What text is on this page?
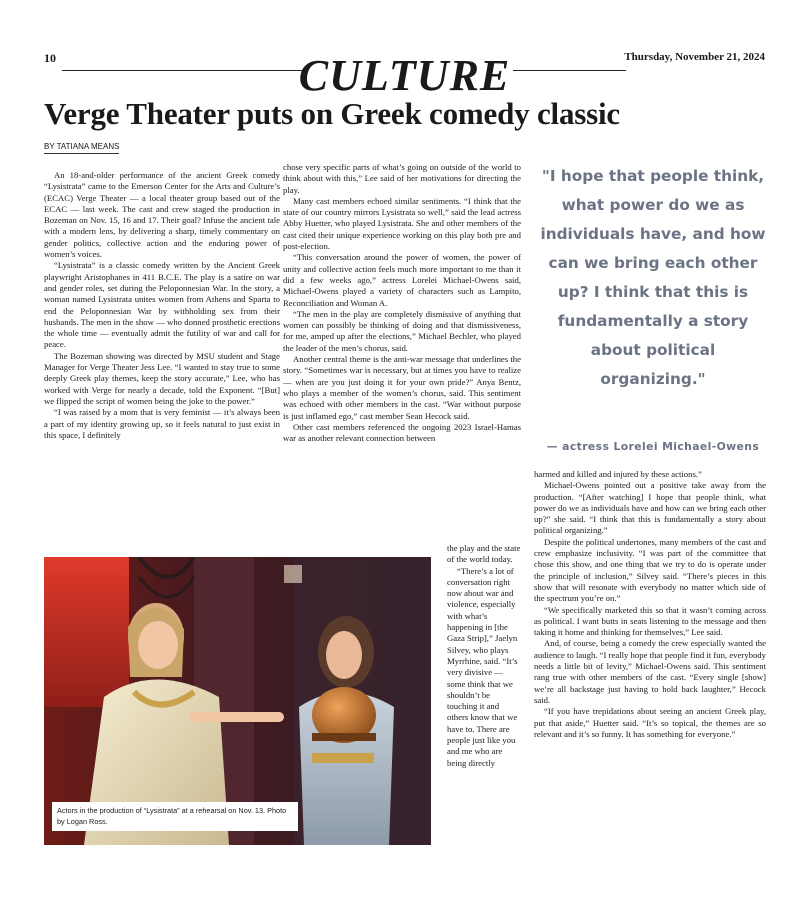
10	CULTURE	Thursday, November 21, 2024
Verge Theater puts on Greek comedy classic
BY TATIANA MEANS

An 18-and-older performance of the ancient Greek comedy “Lysistrata” came to the Emerson Center for the Arts and Culture’s (ECAC) Verge Theater — a local theater group based out of the ECAC — last week. The cast and crew staged the production in Bozeman on Nov. 15, 16 and 17. Their goal? Infuse the ancient tale with a modern lens, by delivering a sharp, timely commentary on gender politics, collective action and the enduring power of women’s voices.

“Lysistrata” is a classic comedy written by the Ancient Greek playwright Aristophanes in 411 B.C.E. The play is a satire on war and gender roles, set during the Peloponnesian War. In the story, a woman named Lysistrata unites women from Athens and Sparta to end the Peloponnesian War by withholding sex from their husbands. The men in the show — who donned prosthetic erections the whole time — eventually admit the futility of war and call for peace.

The Bozeman showing was directed by MSU student and Stage Manager for Verge Theater Jess Lee. “I wanted to stay true to some deeply Greek play themes, keep the story accurate,” Lee, who has worked with Verge for nearly a decade, told the Exponent. “[But] we flipped the script of women being the joke to the power.”

“I was raised by a mom that is very feminist — it’s always been a part of my identity growing up, so it feels natural to just exist in this space, I definitely

chose very specific parts of what’s going on outside of the world to think about with this,” Lee said of her motivations for directing the play.

Many cast members echoed similar sentiments. “I think that the state of our country mirrors Lysistrata so well,” said the lead actress Abby Huetter, who played Lysistrata. She and other members of the cast cited their unique experience working on this play both pre and post-election.

“This conversation around the power of women, the power of unity and collective action feels much more important to me than it did a few weeks ago,” actress Lorelei Michael-Owens said, Michael-Owens played a variety of characters such as Lampito, Reconciliation and Woman A.

“The men in the play are completely dismissive of anything that women can possibly be thinking of doing and that dismissiveness, for me, amped up after the elections,” Michael Bechler, who played the leader of the men’s chorus, said.

Another central theme is the anti-war message that underlines the story. “Sometimes war is necessary, but at times you have to realize — when are you just doing it for your own pride?” Anya Bentz, who plays a member of the women’s chorus, said. This sentiment was echoed with other members in the cast. “War without purpose is just inflamed ego,” cast member Sean Hecock said.

Other cast members referenced the ongoing 2023 Israel-Hamas war as another relevant connection between

the play and the state of the world today.

“There’s a lot of conversation right now about war and violence, especially with what’s happening in [the Gaza Strip],” Jaelyn Silvey, who plays Myrrhine, said. “It’s very divisive — some think that we shouldn’t be touching it and others know that we have to. There are people just like you and me who are being directly

"I hope that people think, what power do we as individuals have, and how can we bring each other up? I think that this is fundamentally a story about political organizing."
— actress Lorelei Michael-Owens

harmed and killed and injured by these actions.”

Michael-Owens pointed out a positive take away from the production. “[After watching] I hope that people think, what power do we as individuals have and how can we bring each other up?” she said. “I think that this is fundamentally a story about political organizing.”

Despite the political undertones, many members of the cast and crew emphasize inclusivity. “I was part of the committee that chose this show, and one thing that we try to do is operate under the principle of inclusion,” Silvey said. “There’s pieces in this show that will resonate with everybody no matter which side of the spectrum you’re on.”

“We specifically marketed this so that it wasn’t coming across as political. I want butts in seats listening to the message and then taking it home and thinking for themselves,” Lee said.

And, of course, being a comedy the crew especially wanted the audience to laugh. “I really hope that people find it fun, everybody needs a little bit of levity,” Michael-Owens said. This sentiment rang true with other members of the cast. “Every single [show] we’re all backstage just having to hold back laughter,” Hecock said.

“If you have trepidations about seeing an ancient Greek play, put that aside,” Huetter said. “It’s so topical, the themes are so relevant and it’s so funny. It has something for everyone.”

Actors in the production of “Lysistrata” at a rehearsal on Nov. 13. Photo by Logan Ross.
